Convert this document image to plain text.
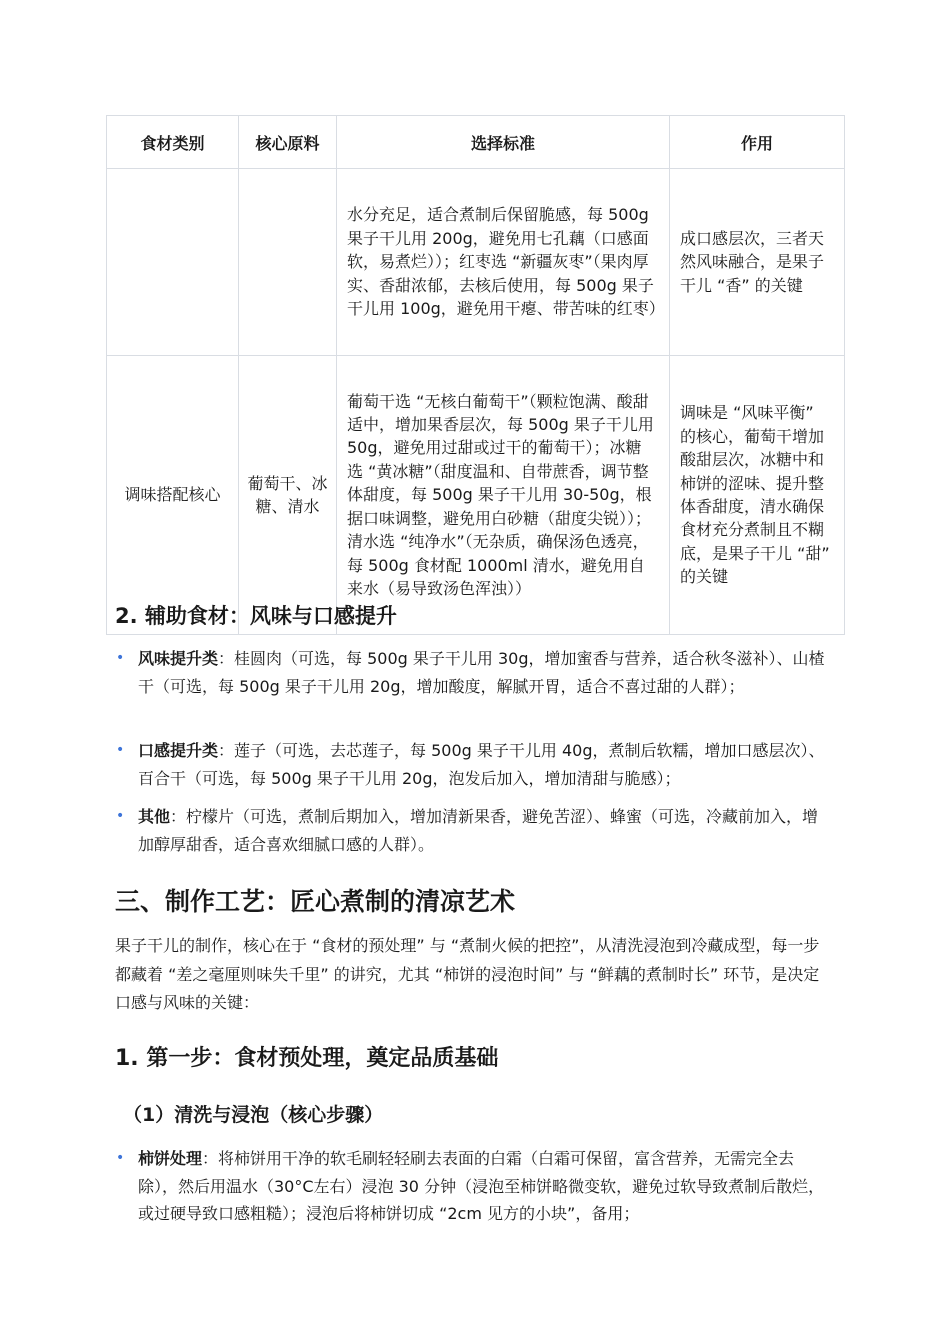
食材类别	核心原料	选择标准	作用
		水分充足，适合煮制后保留脆感，每 500g 果子干儿用 200g，避免用七孔藕（口感面软，易煮烂））；红枣选 “新疆灰枣”（果肉厚实、香甜浓郁，去核后使用，每 500g 果子干儿用 100g，避免用干瘪、带苦味的红枣）	成口感层次，三者天然风味融合，是果子干儿 “香” 的关键
调味搭配核心	葡萄干、冰糖、清水	葡萄干选 “无核白葡萄干”（颗粒饱满、酸甜适中，增加果香层次，每 500g 果子干儿用 50g，避免用过甜或过干的葡萄干）；冰糖选 “黄冰糖”（甜度温和、自带蔗香，调节整体甜度，每 500g 果子干儿用 30-50g，根据口味调整，避免用白砂糖（甜度尖锐））；清水选 “纯净水”（无杂质，确保汤色透亮，每 500g 食材配 1000ml 清水，避免用自来水（易导致汤色浑浊））	调味是 “风味平衡” 的核心，葡萄干增加酸甜层次，冰糖中和柿饼的涩味、提升整体香甜度，清水确保食材充分煮制且不糊底，是果子干儿 “甜” 的关键
2. 辅助食材：风味与口感提升

• 风味提升类：桂圆肉（可选，每 500g 果子干儿用 30g，增加蜜香与营养，适合秋冬滋补）、山楂干（可选，每 500g 果子干儿用 20g，增加酸度，解腻开胃，适合不喜过甜的人群）；

• 口感提升类：莲子（可选，去芯莲子，每 500g 果子干儿用 40g，煮制后软糯，增加口感层次）、百合干（可选，每 500g 果子干儿用 20g，泡发后加入，增加清甜与脆感）；

• 其他：柠檬片（可选，煮制后期加入，增加清新果香，避免苦涩）、蜂蜜（可选，冷藏前加入，增加醇厚甜香，适合喜欢细腻口感的人群）。

三、制作工艺：匠心煮制的清凉艺术

果子干儿的制作，核心在于 “食材的预处理” 与 “煮制火候的把控”，从清洗浸泡到冷藏成型，每一步都藏着 “差之毫厘则味失千里” 的讲究，尤其 “柿饼的浸泡时间” 与 “鲜藕的煮制时长” 环节，是决定口感与风味的关键：

1. 第一步：食材预处理，奠定品质基础
（1）清洗与浸泡（核心步骤）

• 柿饼处理：将柿饼用干净的软毛刷轻轻刷去表面的白霜（白霜可保留，富含营养，无需完全去除），然后用温水（30°C左右）浸泡 30 分钟（浸泡至柿饼略微变软，避免过软导致煮制后散烂，或过硬导致口感粗糙）；浸泡后将柿饼切成 “2cm 见方的小块”，备用；
